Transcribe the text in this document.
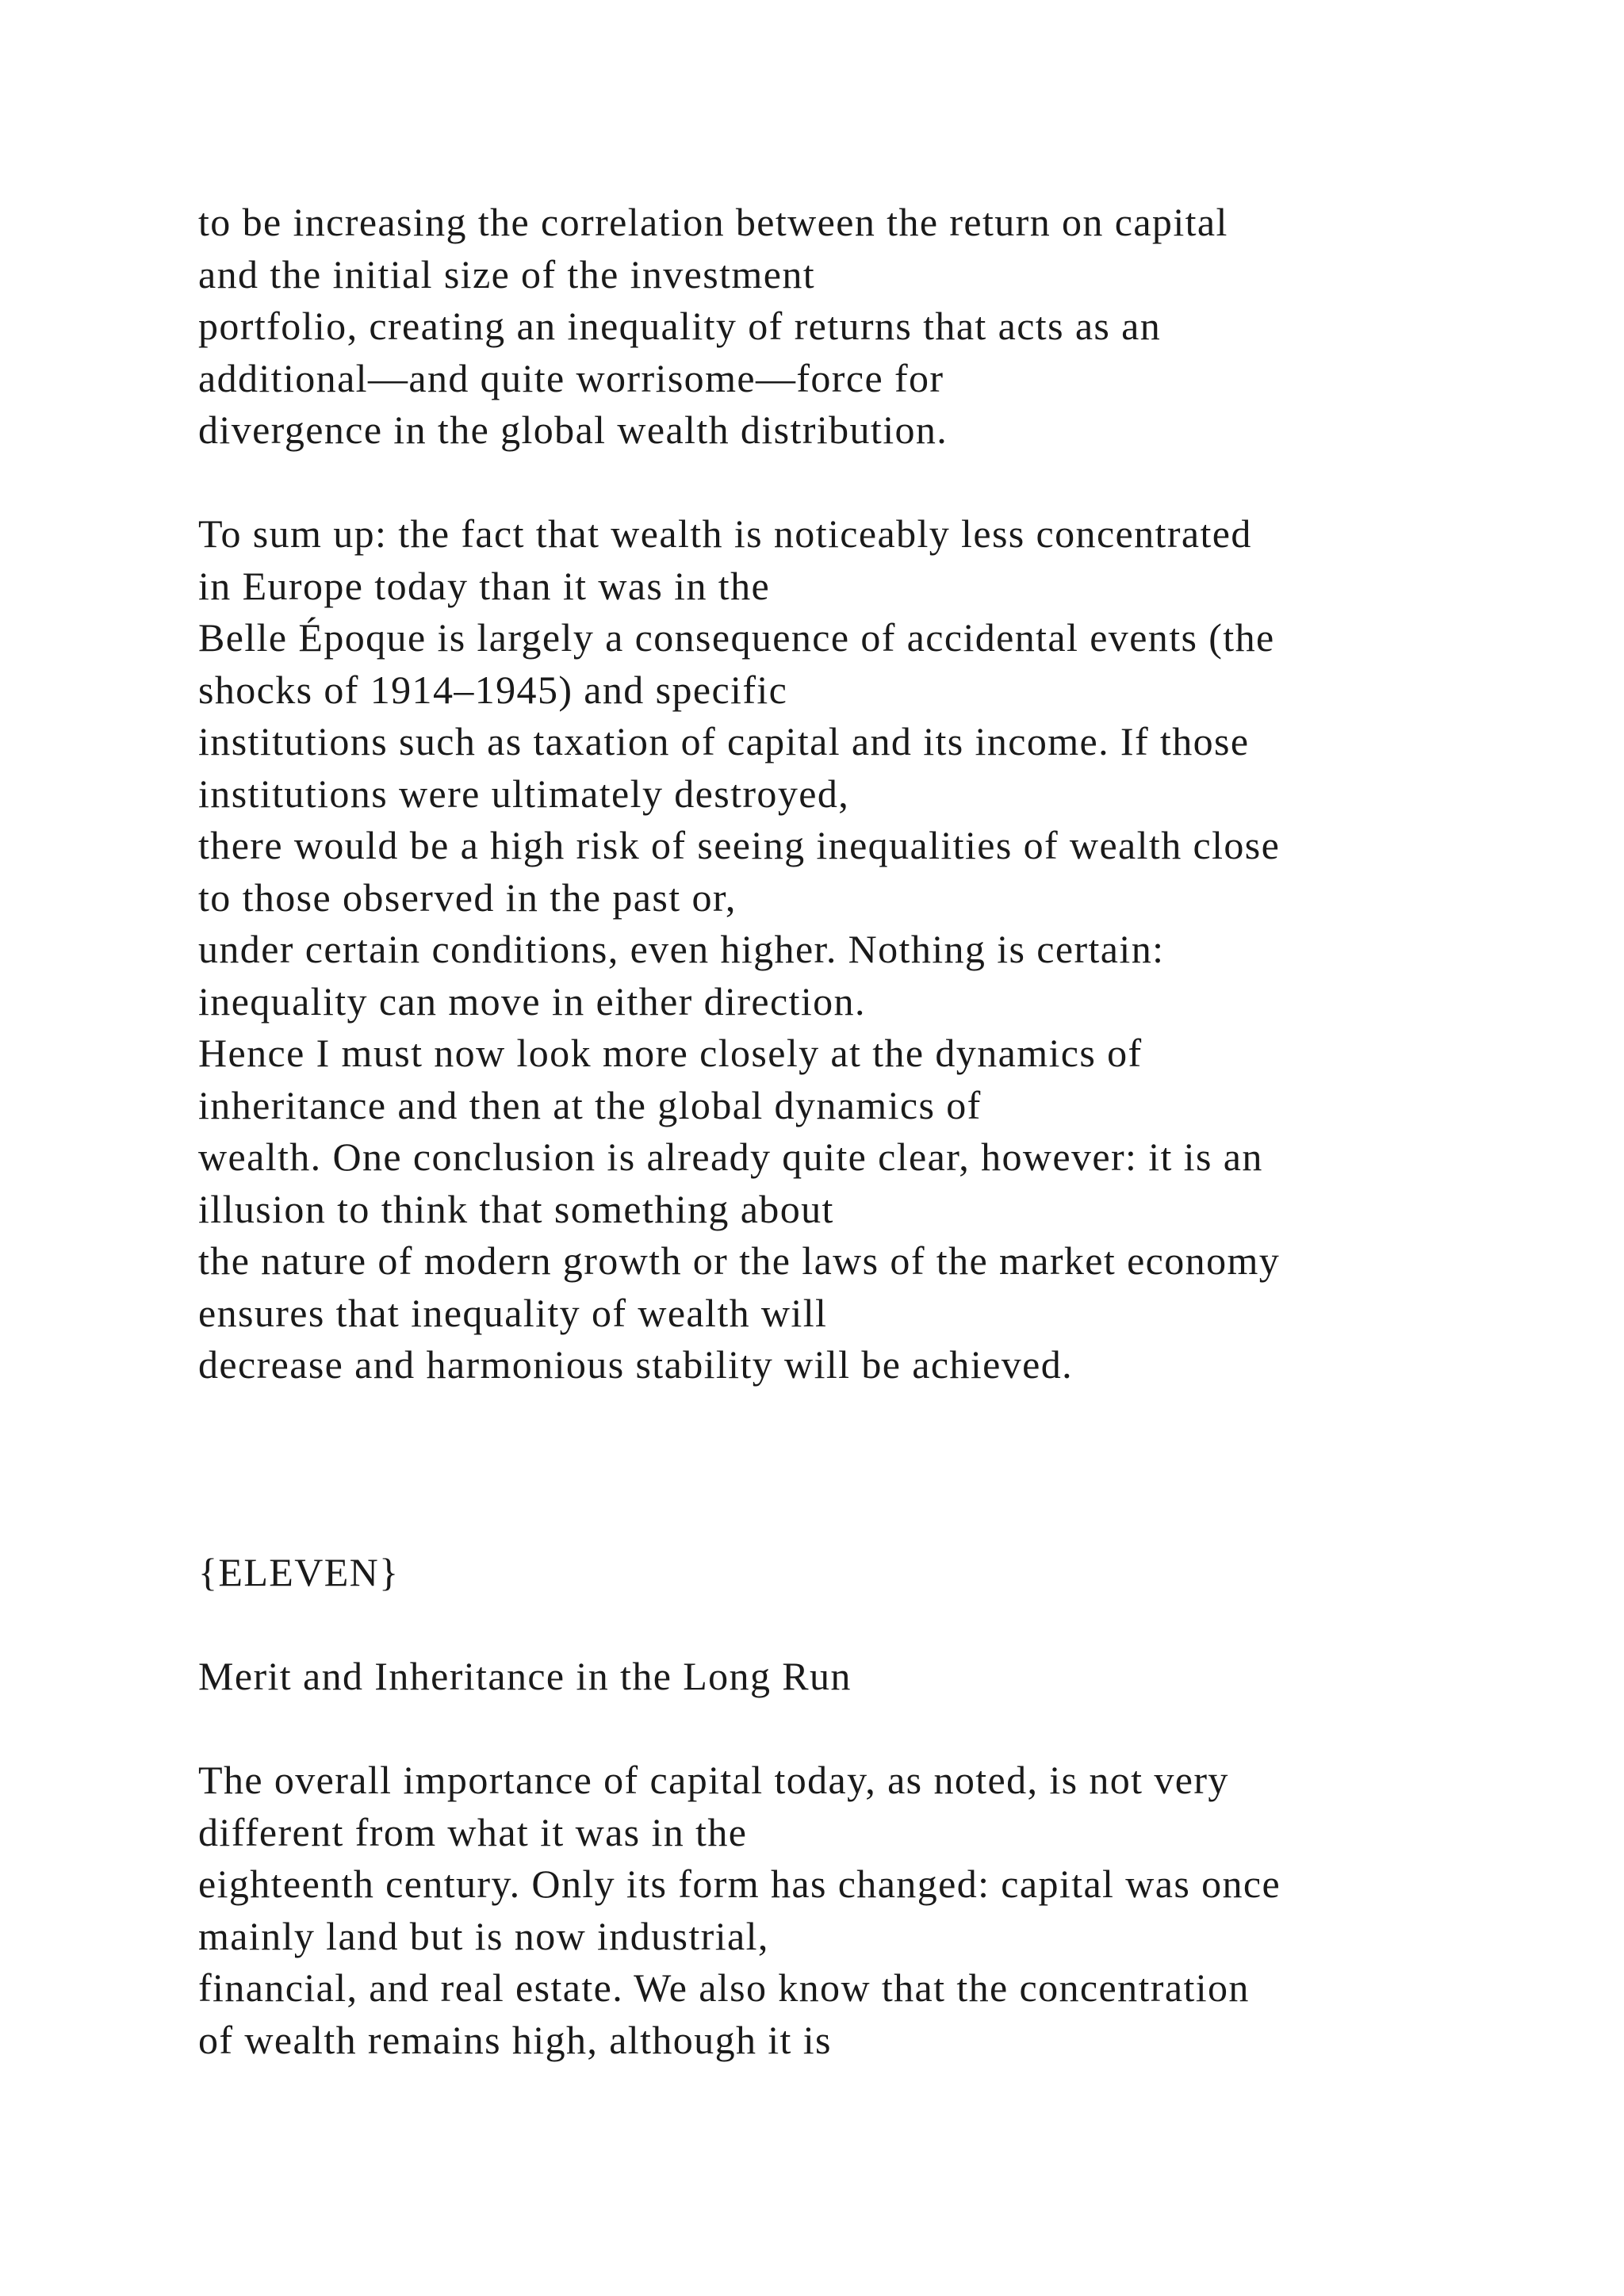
to be increasing the correlation between the return on capital
and the initial size of the investment
portfolio, creating an inequality of returns that acts as an
additional—and quite worrisome—force for
divergence in the global wealth distribution.
To sum up: the fact that wealth is noticeably less concentrated
in Europe today than it was in the
Belle Époque is largely a consequence of accidental events (the
shocks of 1914–1945) and specific
institutions such as taxation of capital and its income. If those
institutions were ultimately destroyed,
there would be a high risk of seeing inequalities of wealth close
to those observed in the past or,
under certain conditions, even higher. Nothing is certain:
inequality can move in either direction.
Hence I must now look more closely at the dynamics of
inheritance and then at the global dynamics of
wealth. One conclusion is already quite clear, however: it is an
illusion to think that something about
the nature of modern growth or the laws of the market economy
ensures that inequality of wealth will
decrease and harmonious stability will be achieved.
{ELEVEN}
Merit and Inheritance in the Long Run
The overall importance of capital today, as noted, is not very
different from what it was in the
eighteenth century. Only its form has changed: capital was once
mainly land but is now industrial,
financial, and real estate. We also know that the concentration
of wealth remains high, although it is
